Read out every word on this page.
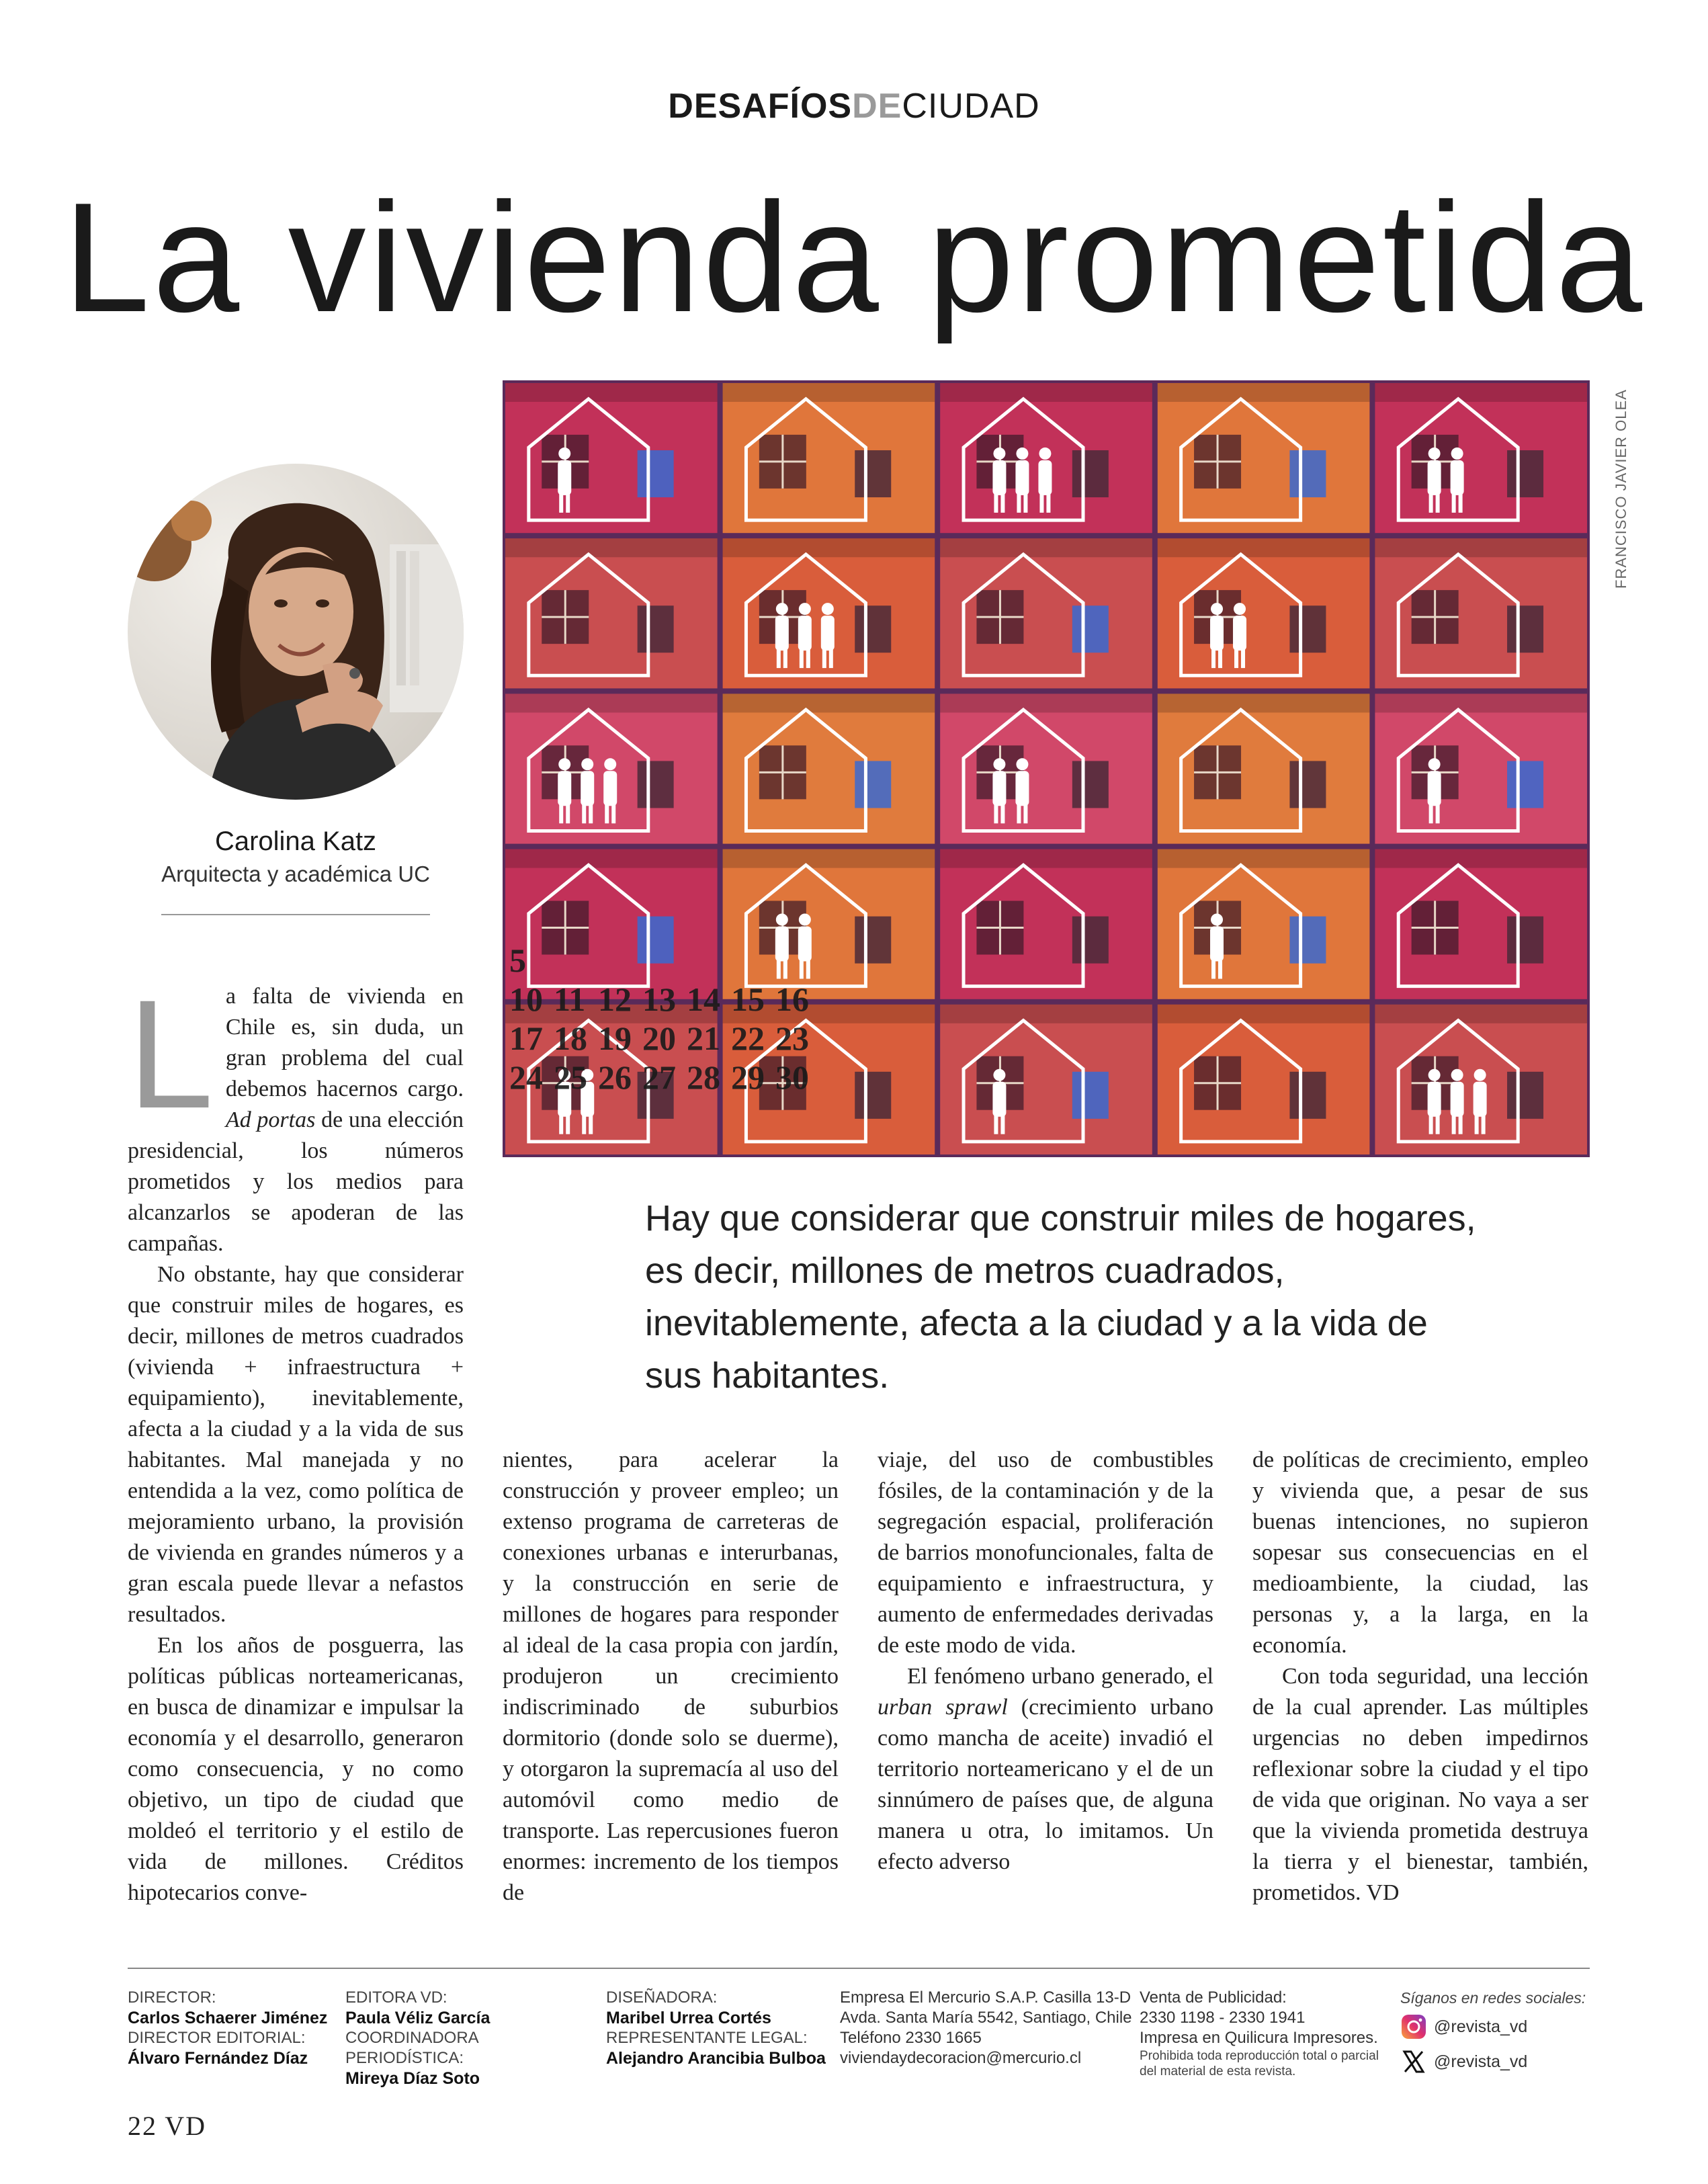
DESAFÍOSDECIUDAD
La vivienda prometida
Carolina Katz
Arquitecta y académica UC
5
10 11 12 13 14 15 16
17 18 19 20 21 22 23
24 25 26 27 28 29 30
FRANCISCO JAVIER OLEA
Hay que considerar que construir miles de hogares, es decir, millones de metros cuadrados, inevitablemente, afecta a la ciudad y a la vida de sus habitantes.
L a falta de vivienda en Chile es, sin duda, un gran problema del cual debemos hacernos cargo. Ad portas de una elección presidencial, los números prometidos y los medios para alcanzarlos se apoderan de las campañas.

No obstante, hay que considerar que construir miles de hogares, es decir, millones de metros cuadrados (vivienda + infraestructura + equipamiento), inevitablemente, afecta a la ciudad y a la vida de sus habitantes. Mal manejada y no entendida a la vez, como política de mejoramiento urbano, la provisión de vivienda en grandes números y a gran escala puede llevar a nefastos resultados.

En los años de posguerra, las políticas públicas norteamericanas, en busca de dinamizar e impulsar la economía y el desarrollo, generaron como consecuencia, y no como objetivo, un tipo de ciudad que moldeó el territorio y el estilo de vida de millones. Créditos hipotecarios conve-

nientes, para acelerar la construcción y proveer empleo; un extenso programa de carreteras de conexiones urbanas e interurbanas, y la construcción en serie de millones de hogares para responder al ideal de la casa propia con jardín, produjeron un crecimiento indiscriminado de suburbios dormitorio (donde solo se duerme), y otorgaron la supremacía al uso del automóvil como medio de transporte. Las repercusiones fueron enormes: incremento de los tiempos de

viaje, del uso de combustibles fósiles, de la contaminación y de la segregación espacial, proliferación de barrios monofuncionales, falta de equipamiento e infraestructura, y aumento de enfermedades derivadas de este modo de vida.

El fenómeno urbano generado, el urban sprawl (crecimiento urbano como mancha de aceite) invadió el territorio norteamericano y el de un sinnúmero de países que, de alguna manera u otra, lo imitamos. Un efecto adverso

de políticas de crecimiento, empleo y vivienda que, a pesar de sus buenas intenciones, no supieron sopesar sus consecuencias en el medioambiente, la ciudad, las personas y, a la larga, en la economía.

Con toda seguridad, una lección de la cual aprender. Las múltiples urgencias no deben impedirnos reflexionar sobre la ciudad y el tipo de vida que originan. No vaya a ser que la vivienda prometida destruya la tierra y el bienestar, también, prometidos. VD

DIRECTOR:
Carlos Schaerer Jiménez
DIRECTOR EDITORIAL:
Álvaro Fernández Díaz
EDITORA VD:
Paula Véliz García
COORDINADORA PERIODÍSTICA:
Mireya Díaz Soto
DISEÑADORA:
Maribel Urrea Cortés
REPRESENTANTE LEGAL:
Alejandro Arancibia Bulboa
Empresa El Mercurio S.A.P. Casilla 13-D
Avda. Santa María 5542, Santiago, Chile
Teléfono 2330 1665
viviendaydecoracion@mercurio.cl
Venta de Publicidad:
2330 1198 - 2330 1941
Impresa en Quilicura Impresores.
Prohibida toda reproducción total o parcial del material de esta revista.
Síganos en redes sociales:
@revista_vd
@revista_vd
22 VD
